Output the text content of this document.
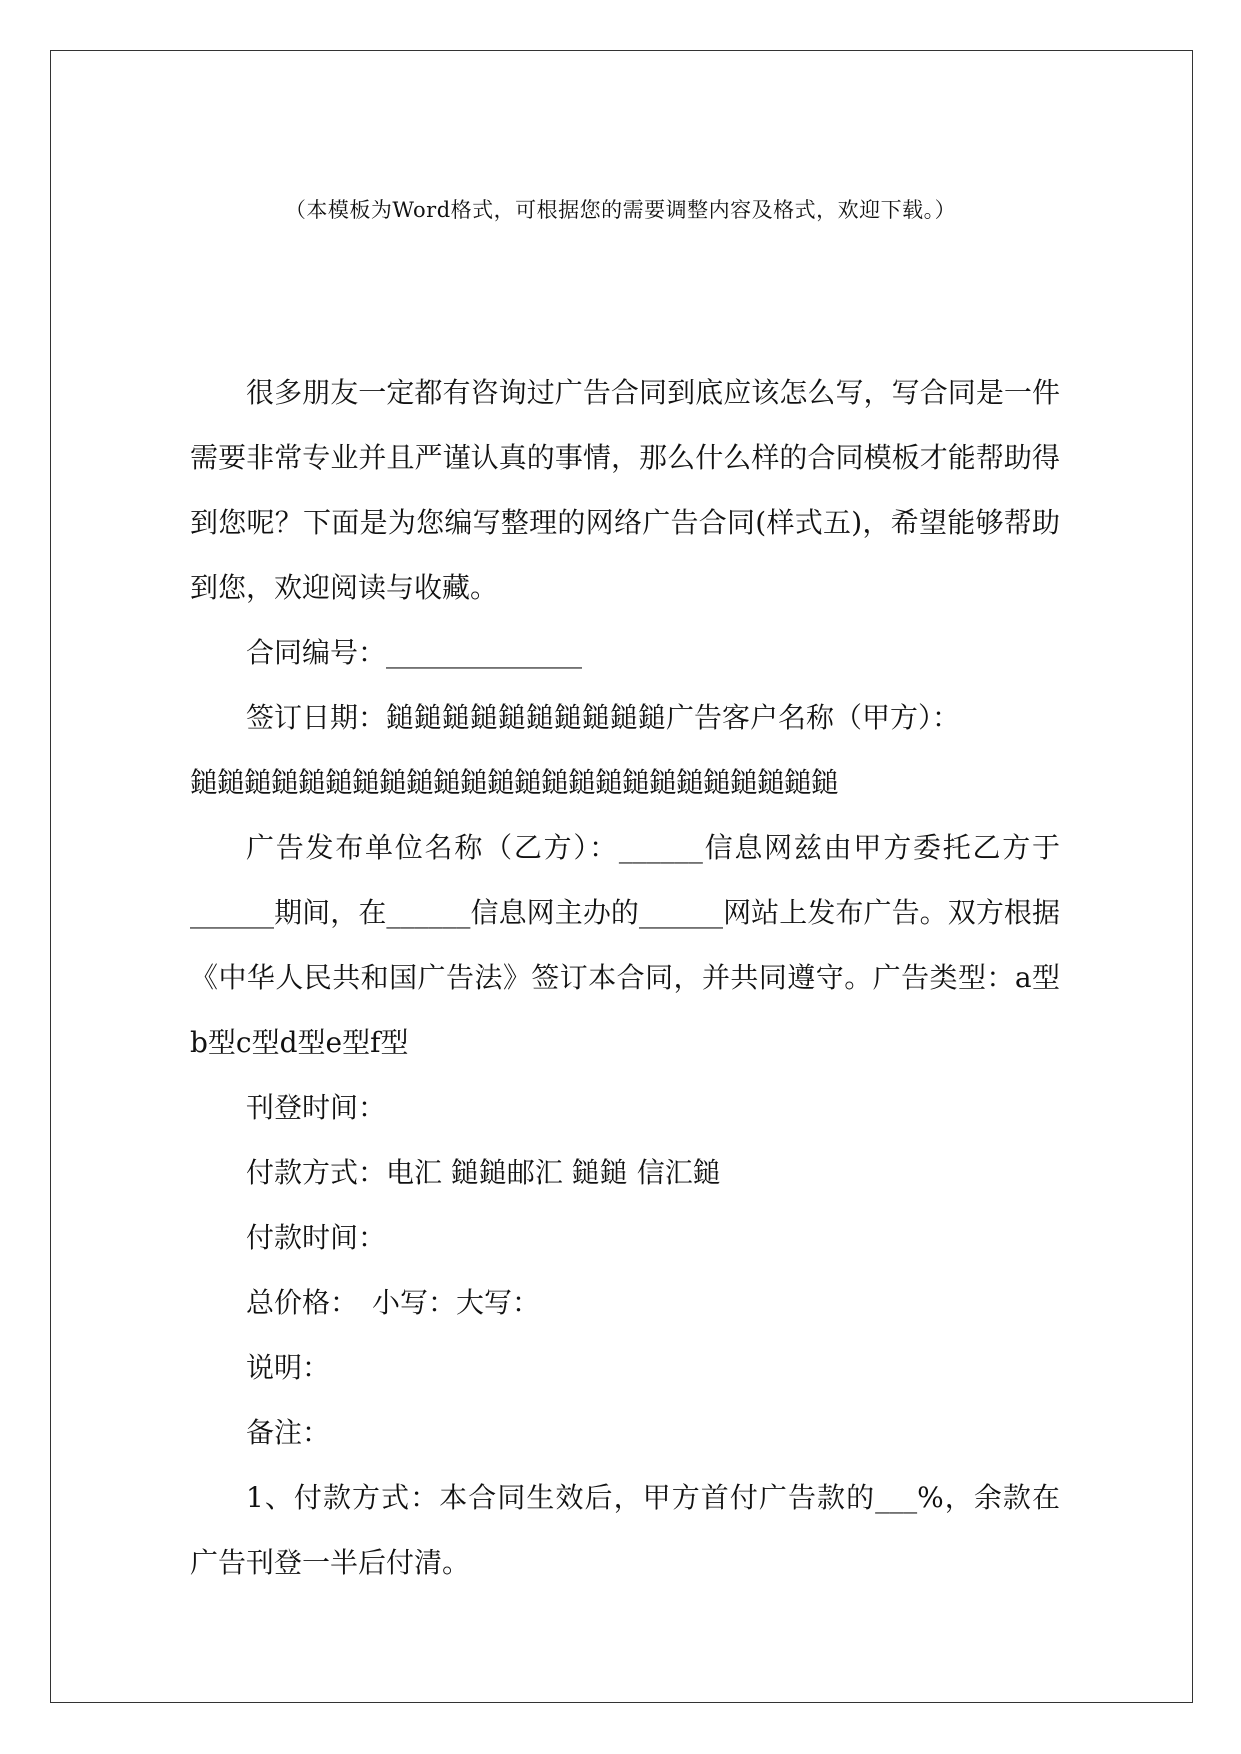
（本模板为Word格式，可根据您的需要调整内容及格式，欢迎下载。）

很多朋友一定都有咨询过广告合同到底应该怎么写，写合同是一件需要非常专业并且严谨认真的事情，那么什么样的合同模板才能帮助得到您呢？下面是为您编写整理的网络广告合同(样式五)，希望能够帮助到您，欢迎阅读与收藏。

合同编号：______________

签订日期：鎚鎚鎚鎚鎚鎚鎚鎚鎚鎚广告客户名称（甲方）：

鎚鎚鎚鎚鎚鎚鎚鎚鎚鎚鎚鎚鎚鎚鎚鎚鎚鎚鎚鎚鎚鎚鎚鎚

广告发布单位名称（乙方）：______信息网兹由甲方委托乙方于______期间，在______信息网主办的______网站上发布广告。双方根据《中华人民共和国广告法》签订本合同，并共同遵守。广告类型：a型b型c型d型e型f型

刊登时间：

付款方式：电汇 鎚鎚邮汇 鎚鎚 信汇鎚

付款时间：

总价格：　小写：大写：

说明：

备注：

1、付款方式：本合同生效后，甲方首付广告款的___%，余款在广告刊登一半后付清。
